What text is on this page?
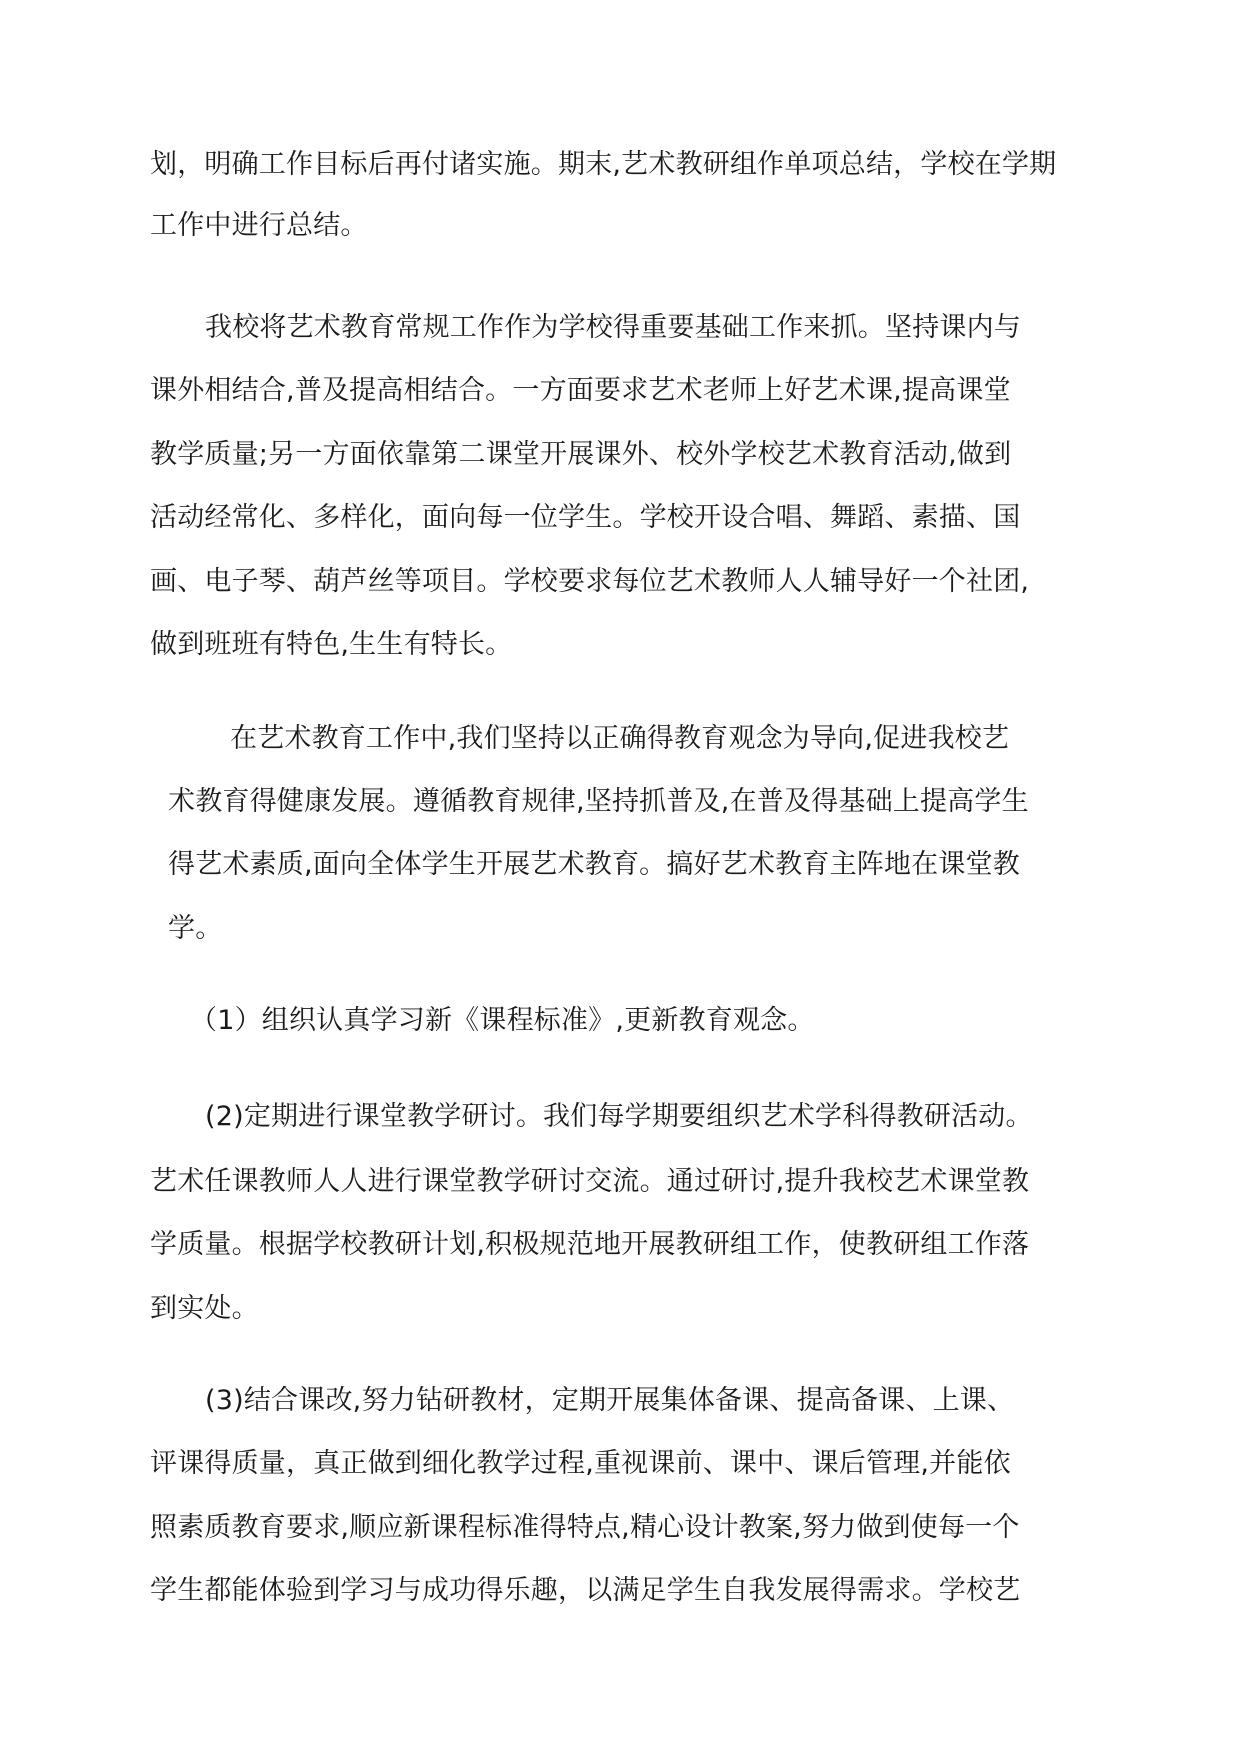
划，明确工作目标后再付诸实施。期末,艺术教研组作单项总结，学校在学期
工作中进行总结。
我校将艺术教育常规工作作为学校得重要基础工作来抓。坚持课内与
课外相结合,普及提高相结合。一方面要求艺术老师上好艺术课,提高课堂
教学质量;另一方面依靠第二课堂开展课外、校外学校艺术教育活动,做到
活动经常化、多样化，面向每一位学生。学校开设合唱、舞蹈、素描、国
画、电子琴、葫芦丝等项目。学校要求每位艺术教师人人辅导好一个社团,
做到班班有特色,生生有特长。
在艺术教育工作中,我们坚持以正确得教育观念为导向,促进我校艺
术教育得健康发展。遵循教育规律,坚持抓普及,在普及得基础上提高学生
得艺术素质,面向全体学生开展艺术教育。搞好艺术教育主阵地在课堂教
学。
（1）组织认真学习新《课程标准》,更新教育观念。
(2)定期进行课堂教学研讨。我们每学期要组织艺术学科得教研活动。
艺术任课教师人人进行课堂教学研讨交流。通过研讨,提升我校艺术课堂教
学质量。根据学校教研计划,积极规范地开展教研组工作，使教研组工作落
到实处。
(3)结合课改,努力钻研教材，定期开展集体备课、提高备课、上课、
评课得质量，真正做到细化教学过程,重视课前、课中、课后管理,并能依
照素质教育要求,顺应新课程标准得特点,精心设计教案,努力做到使每一个
学生都能体验到学习与成功得乐趣，以满足学生自我发展得需求。学校艺
